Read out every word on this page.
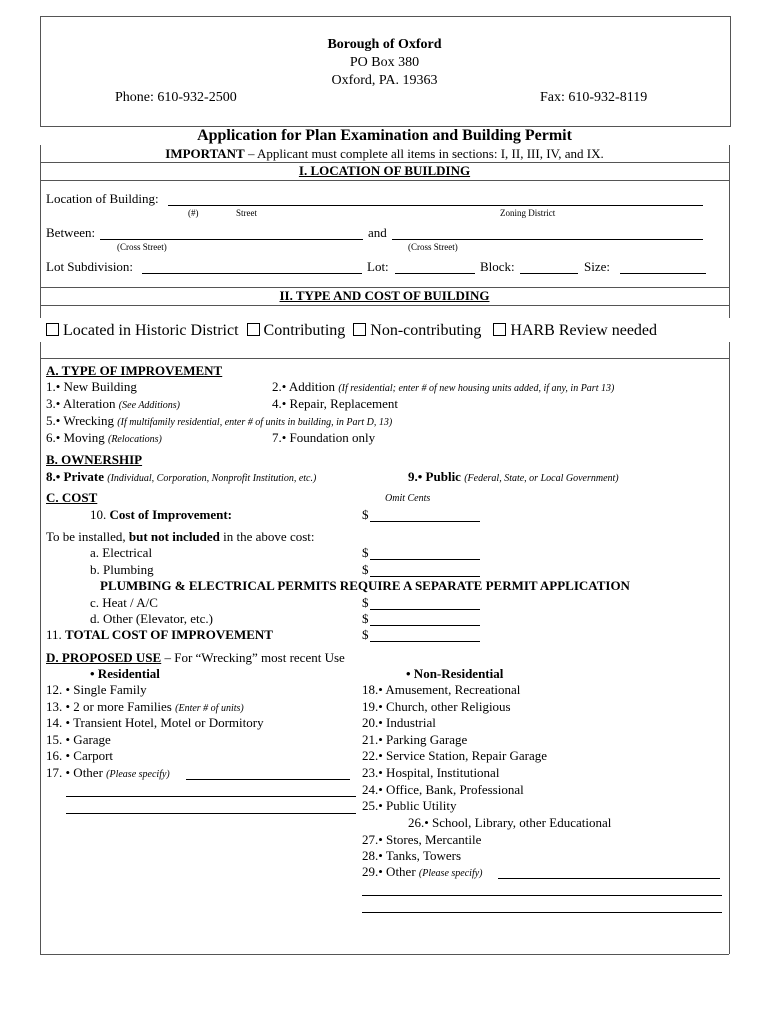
Borough of Oxford
PO Box 380
Oxford, PA. 19363
Phone: 610-932-2500	Fax: 610-932-8119
Application for Plan Examination and Building Permit
IMPORTANT – Applicant must complete all items in sections: I, II, III, IV, and IX.
I. LOCATION OF BUILDING
Location of Building:
(#)	Street	Zoning District
Between:	and
(Cross Street)	(Cross Street)
Lot Subdivision:	Lot:	Block:	Size:
II. TYPE AND COST OF BUILDING
Located in Historic District Contributing Non-contributing HARB Review needed
A. TYPE OF IMPROVEMENT
1.• New Building	2.• Addition (If residential; enter # of new housing units added, if any, in Part 13)
3.• Alteration (See Additions)	4.• Repair, Replacement
5.• Wrecking (If multifamily residential, enter # of units in building, in Part D, 13)
6.• Moving (Relocations)	7.• Foundation only
B. OWNERSHIP
8.• Private (Individual, Corporation, Nonprofit Institution, etc.)	9.• Public (Federal, State, or Local Government)
C. COST	Omit Cents
10. Cost of Improvement:	$
To be installed, but not included in the above cost:
a. Electrical	$
b. Plumbing	$
PLUMBING & ELECTRICAL PERMITS REQUIRE A SEPARATE PERMIT APPLICATION
c. Heat / A/C	$
d. Other (Elevator, etc.)	$
11. TOTAL COST OF IMPROVEMENT	$
D. PROPOSED USE – For “Wrecking” most recent Use
• Residential	• Non-Residential
12. • Single Family
13. • 2 or more Families (Enter # of units)
14. • Transient Hotel, Motel or Dormitory
15. • Garage
16. • Carport
17. • Other (Please specify)
18.• Amusement, Recreational
19.• Church, other Religious
20.• Industrial
21.• Parking Garage
22.• Service Station, Repair Garage
23.• Hospital, Institutional
24.• Office, Bank, Professional
25.• Public Utility
26.• School, Library, other Educational
27.• Stores, Mercantile
28.• Tanks, Towers
29.• Other (Please specify)
